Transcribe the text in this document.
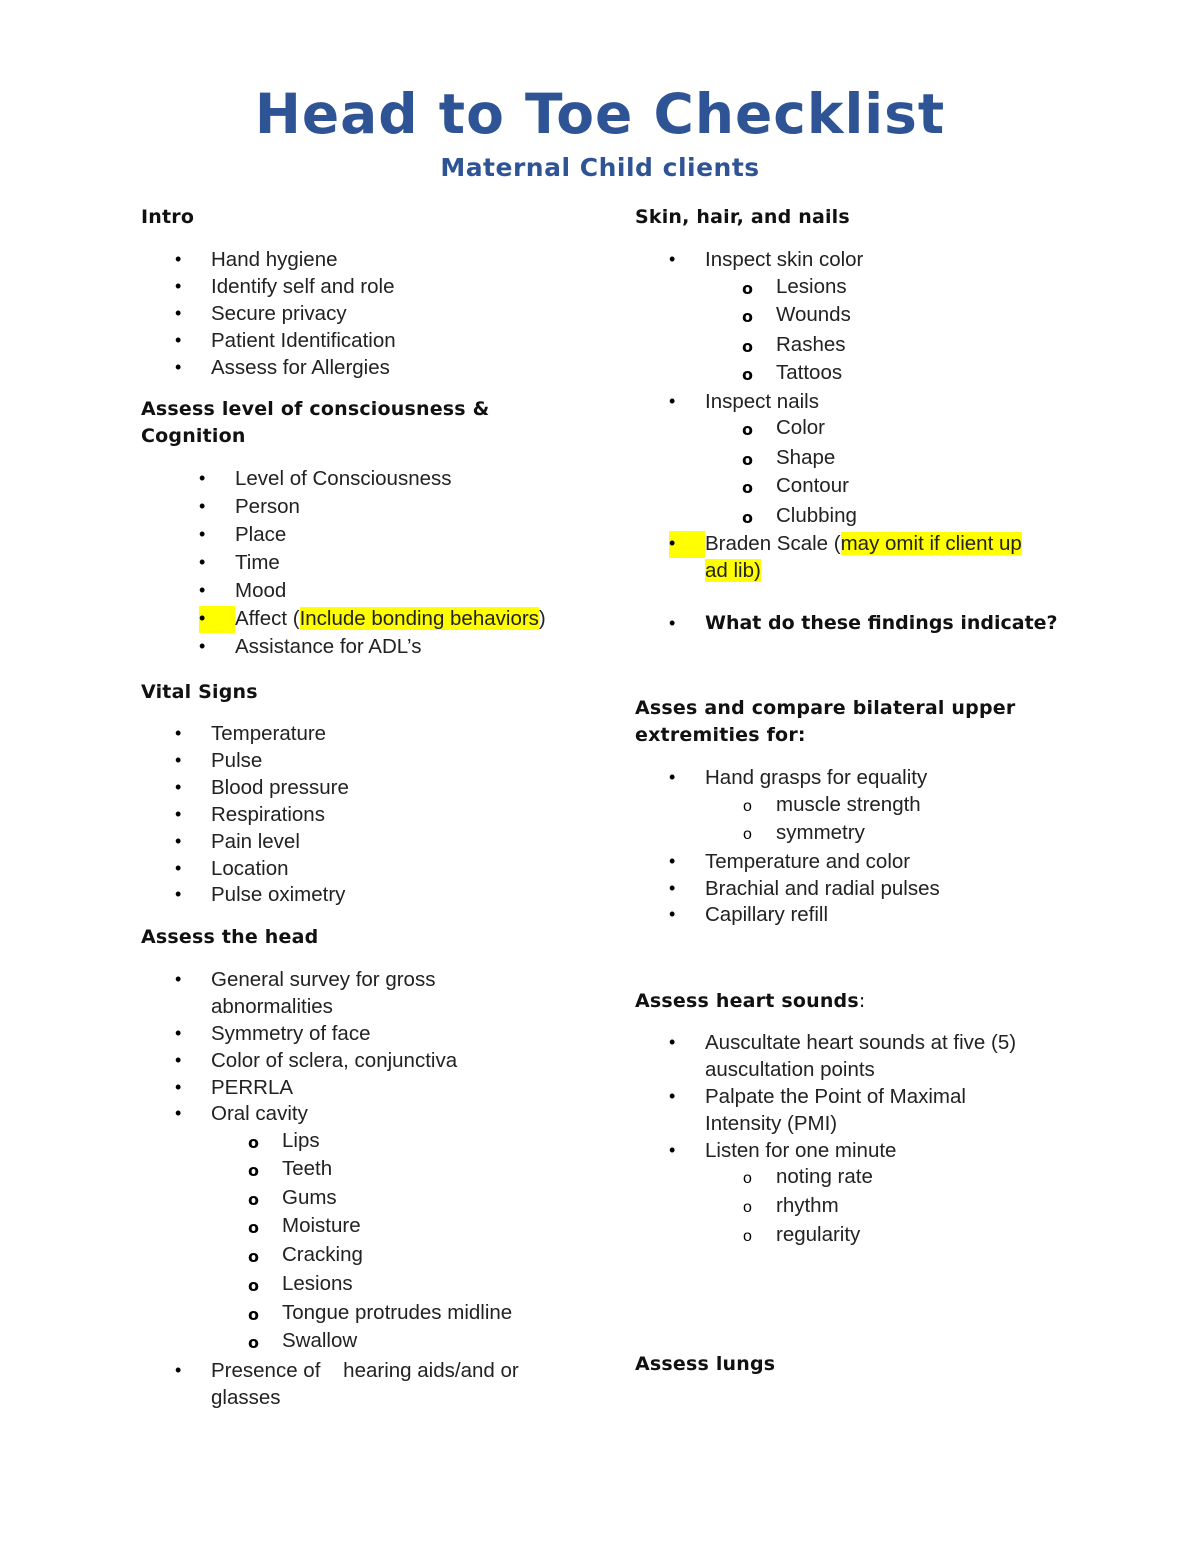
Head to Toe Checklist
Maternal Child clients
Intro
• Hand hygiene
• Identify self and role
• Secure privacy
• Patient Identification
• Assess for Allergies
Assess level of consciousness &
Cognition
• Level of Consciousness
• Person
• Place
• Time
• Mood
• Affect (Include bonding behaviors)
• Assistance for ADL’s
Vital Signs
• Temperature
• Pulse
• Blood pressure
• Respirations
• Pain level
• Location
• Pulse oximetry
Assess the head
• General survey for gross
abnormalities
• Symmetry of face
• Color of sclera, conjunctiva
• PERRLA
• Oral cavity
o Lips
o Teeth
o Gums
o Moisture
o Cracking
o Lesions
o Tongue protrudes midline
o Swallow
• Presence of    hearing aids/and or
glasses
Skin, hair, and nails
• Inspect skin color
o Lesions
o Wounds
o Rashes
o Tattoos
• Inspect nails
o Color
o Shape
o Contour
o Clubbing
• Braden Scale (may omit if client up
ad lib)
• What do these findings indicate?
Asses and compare bilateral upper
extremities for:
• Hand grasps for equality
o muscle strength
o symmetry
• Temperature and color
• Brachial and radial pulses
• Capillary refill
Assess heart sounds:
• Auscultate heart sounds at five (5)
auscultation points
• Palpate the Point of Maximal
Intensity (PMI)
• Listen for one minute
o noting rate
o rhythm
o regularity
Assess lungs
